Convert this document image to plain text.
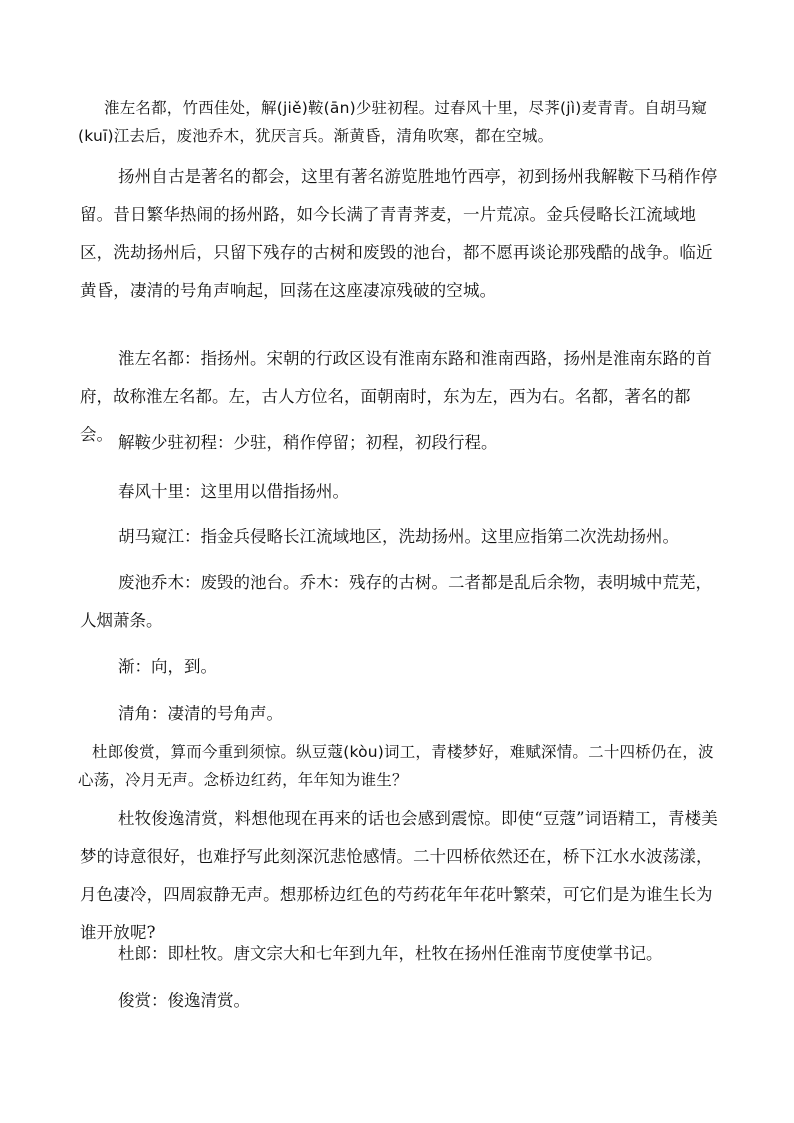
淮左名都，竹西佳处，解(jiě)鞍(ān)少驻初程。过春风十里，尽荠(jì)麦青青。自胡马窥(kuī)江去后，废池乔木，犹厌言兵。渐黄昏，清角吹寒，都在空城。

扬州自古是著名的都会，这里有著名游览胜地竹西亭，初到扬州我解鞍下马稍作停留。昔日繁华热闹的扬州路，如今长满了青青荠麦，一片荒凉。金兵侵略长江流域地区，洗劫扬州后，只留下残存的古树和废毁的池台，都不愿再谈论那残酷的战争。临近黄昏，凄清的号角声响起，回荡在这座凄凉残破的空城。

淮左名都：指扬州。宋朝的行政区设有淮南东路和淮南西路，扬州是淮南东路的首府，故称淮左名都。左，古人方位名，面朝南时，东为左，西为右。名都，著名的都会。 解鞍少驻初程：少驻，稍作停留；初程，初段行程。

春风十里：这里用以借指扬州。

胡马窥江：指金兵侵略长江流域地区，洗劫扬州。这里应指第二次洗劫扬州。

废池乔木：废毁的池台。乔木：残存的古树。二者都是乱后余物，表明城中荒芜，人烟萧条。

渐：向，到。

清角：凄清的号角声。

杜郎俊赏，算而今重到须惊。纵豆蔻(kòu)词工，青楼梦好，难赋深情。二十四桥仍在，波心荡，冷月无声。念桥边红药，年年知为谁生？

杜牧俊逸清赏，料想他现在再来的话也会感到震惊。即使“豆蔻”词语精工，青楼美梦的诗意很好，也难抒写此刻深沉悲怆感情。二十四桥依然还在，桥下江水水波荡漾，月色凄冷，四周寂静无声。想那桥边红色的芍药花年年花叶繁荣，可它们是为谁生长为谁开放呢?

杜郎：即杜牧。唐文宗大和七年到九年，杜牧在扬州任淮南节度使掌书记。

俊赏：俊逸清赏。
